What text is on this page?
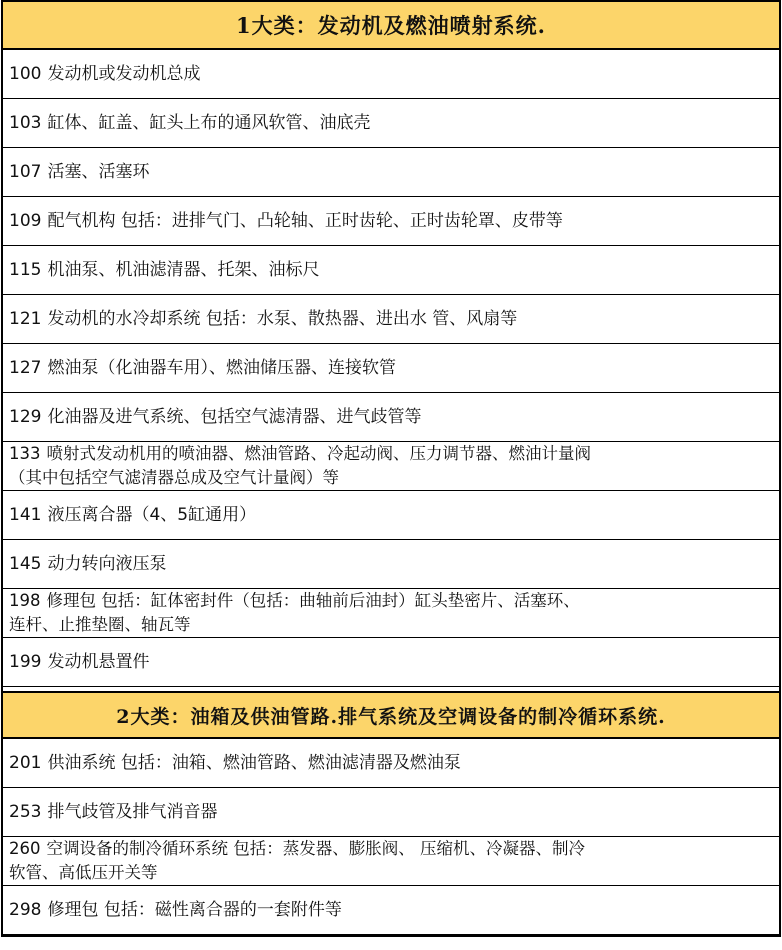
1大类：发动机及燃油喷射系统.
100 发动机或发动机总成
103 缸体、缸盖、缸头上布的通风软管、油底壳
107 活塞、活塞环
109 配气机构 包括：进排气门、凸轮轴、正时齿轮、正时齿轮罩、皮带等
115 机油泵、机油滤清器、托架、油标尺
121 发动机的水冷却系统 包括：水泵、散热器、进出水 管、风扇等
127 燃油泵（化油器车用）、燃油储压器、连接软管
129 化油器及进气系统、包括空气滤清器、进气歧管等
133 喷射式发动机用的喷油器、燃油管路、冷起动阀、压力调节器、燃油计量阀
（其中包括空气滤清器总成及空气计量阀）等
141 液压离合器（4、5缸通用）
145 动力转向液压泵
198 修理包 包括：缸体密封件（包括：曲轴前后油封）缸头垫密片、活塞环、
连杆、止推垫圈、轴瓦等
199 发动机悬置件
2大类：油箱及供油管路.排气系统及空调设备的制冷循环系统.
201 供油系统 包括：油箱、燃油管路、燃油滤清器及燃油泵
253 排气歧管及排气消音器
260 空调设备的制冷循环系统 包括：蒸发器、膨胀阀、 压缩机、冷凝器、制冷
软管、高低压开关等
298 修理包 包括：磁性离合器的一套附件等
